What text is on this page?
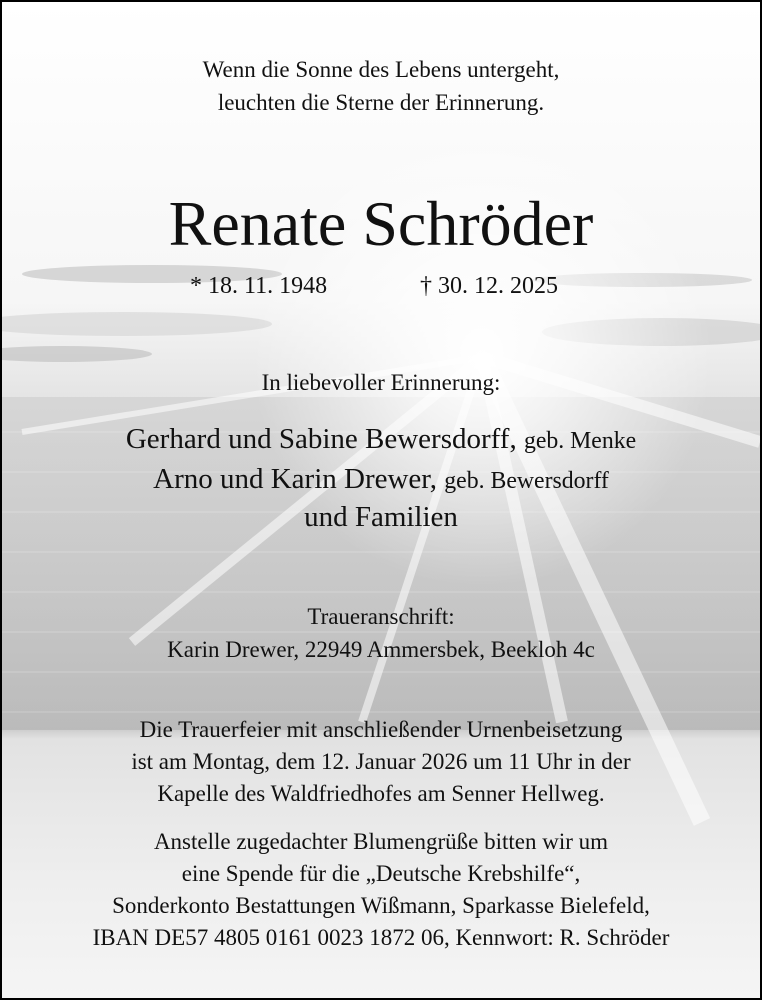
Wenn die Sonne des Lebens untergeht,
leuchten die Sterne der Erinnerung.
Renate Schröder
* 18. 11. 1948	† 30. 12. 2025
In liebevoller Erinnerung:
Gerhard und Sabine Bewersdorff, geb. Menke
Arno und Karin Drewer, geb. Bewersdorff
und Familien
Traueranschrift:
Karin Drewer, 22949 Ammersbek, Beekloh 4c
Die Trauerfeier mit anschließender Urnenbeisetzung
ist am Montag, dem 12. Januar 2026 um 11 Uhr in der
Kapelle des Waldfriedhofes am Senner Hellweg.
Anstelle zugedachter Blumengrüße bitten wir um
eine Spende für die „Deutsche Krebshilfe“,
Sonderkonto Bestattungen Wißmann, Sparkasse Bielefeld,
IBAN DE57 4805 0161 0023 1872 06, Kennwort: R. Schröder
